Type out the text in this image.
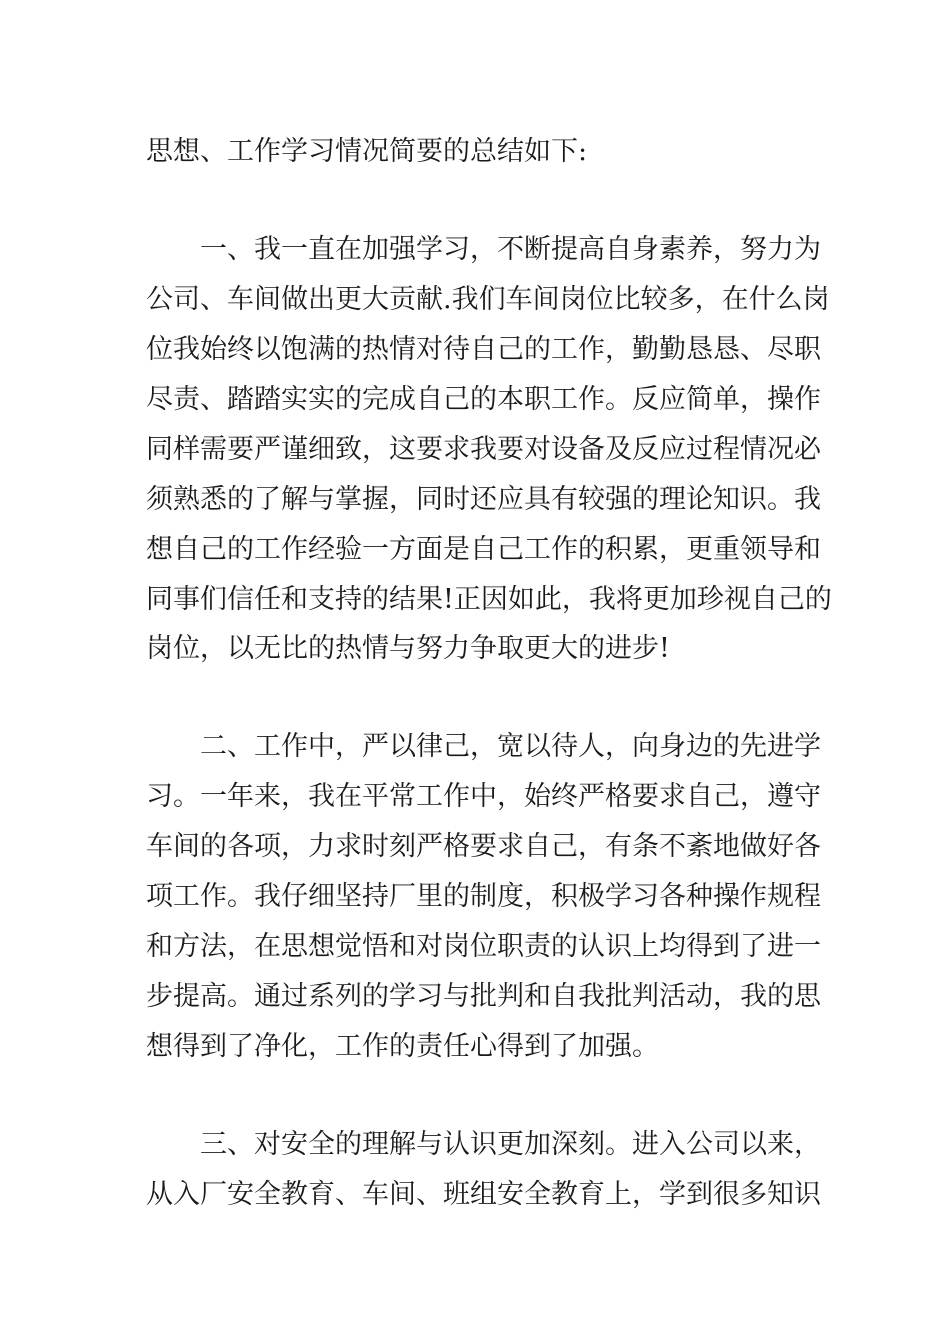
思想、工作学习情况简要的总结如下:
一、我一直在加强学习，不断提高自身素养，努力为
公司、车间做出更大贡献.我们车间岗位比较多，在什么岗
位我始终以饱满的热情对待自己的工作，勤勤恳恳、尽职
尽责、踏踏实实的完成自己的本职工作。反应简单，操作
同样需要严谨细致，这要求我要对设备及反应过程情况必
须熟悉的了解与掌握，同时还应具有较强的理论知识。我
想自己的工作经验一方面是自己工作的积累，更重领导和
同事们信任和支持的结果!正因如此，我将更加珍视自己的
岗位，以无比的热情与努力争取更大的进步!
二、工作中，严以律己，宽以待人，向身边的先进学
习。一年来，我在平常工作中，始终严格要求自己，遵守
车间的各项，力求时刻严格要求自己，有条不紊地做好各
项工作。我仔细坚持厂里的制度，积极学习各种操作规程
和方法，在思想觉悟和对岗位职责的认识上均得到了进一
步提高。通过系列的学习与批判和自我批判活动，我的思
想得到了净化，工作的责任心得到了加强。
三、对安全的理解与认识更加深刻。进入公司以来，
从入厂安全教育、车间、班组安全教育上，学到很多知识
